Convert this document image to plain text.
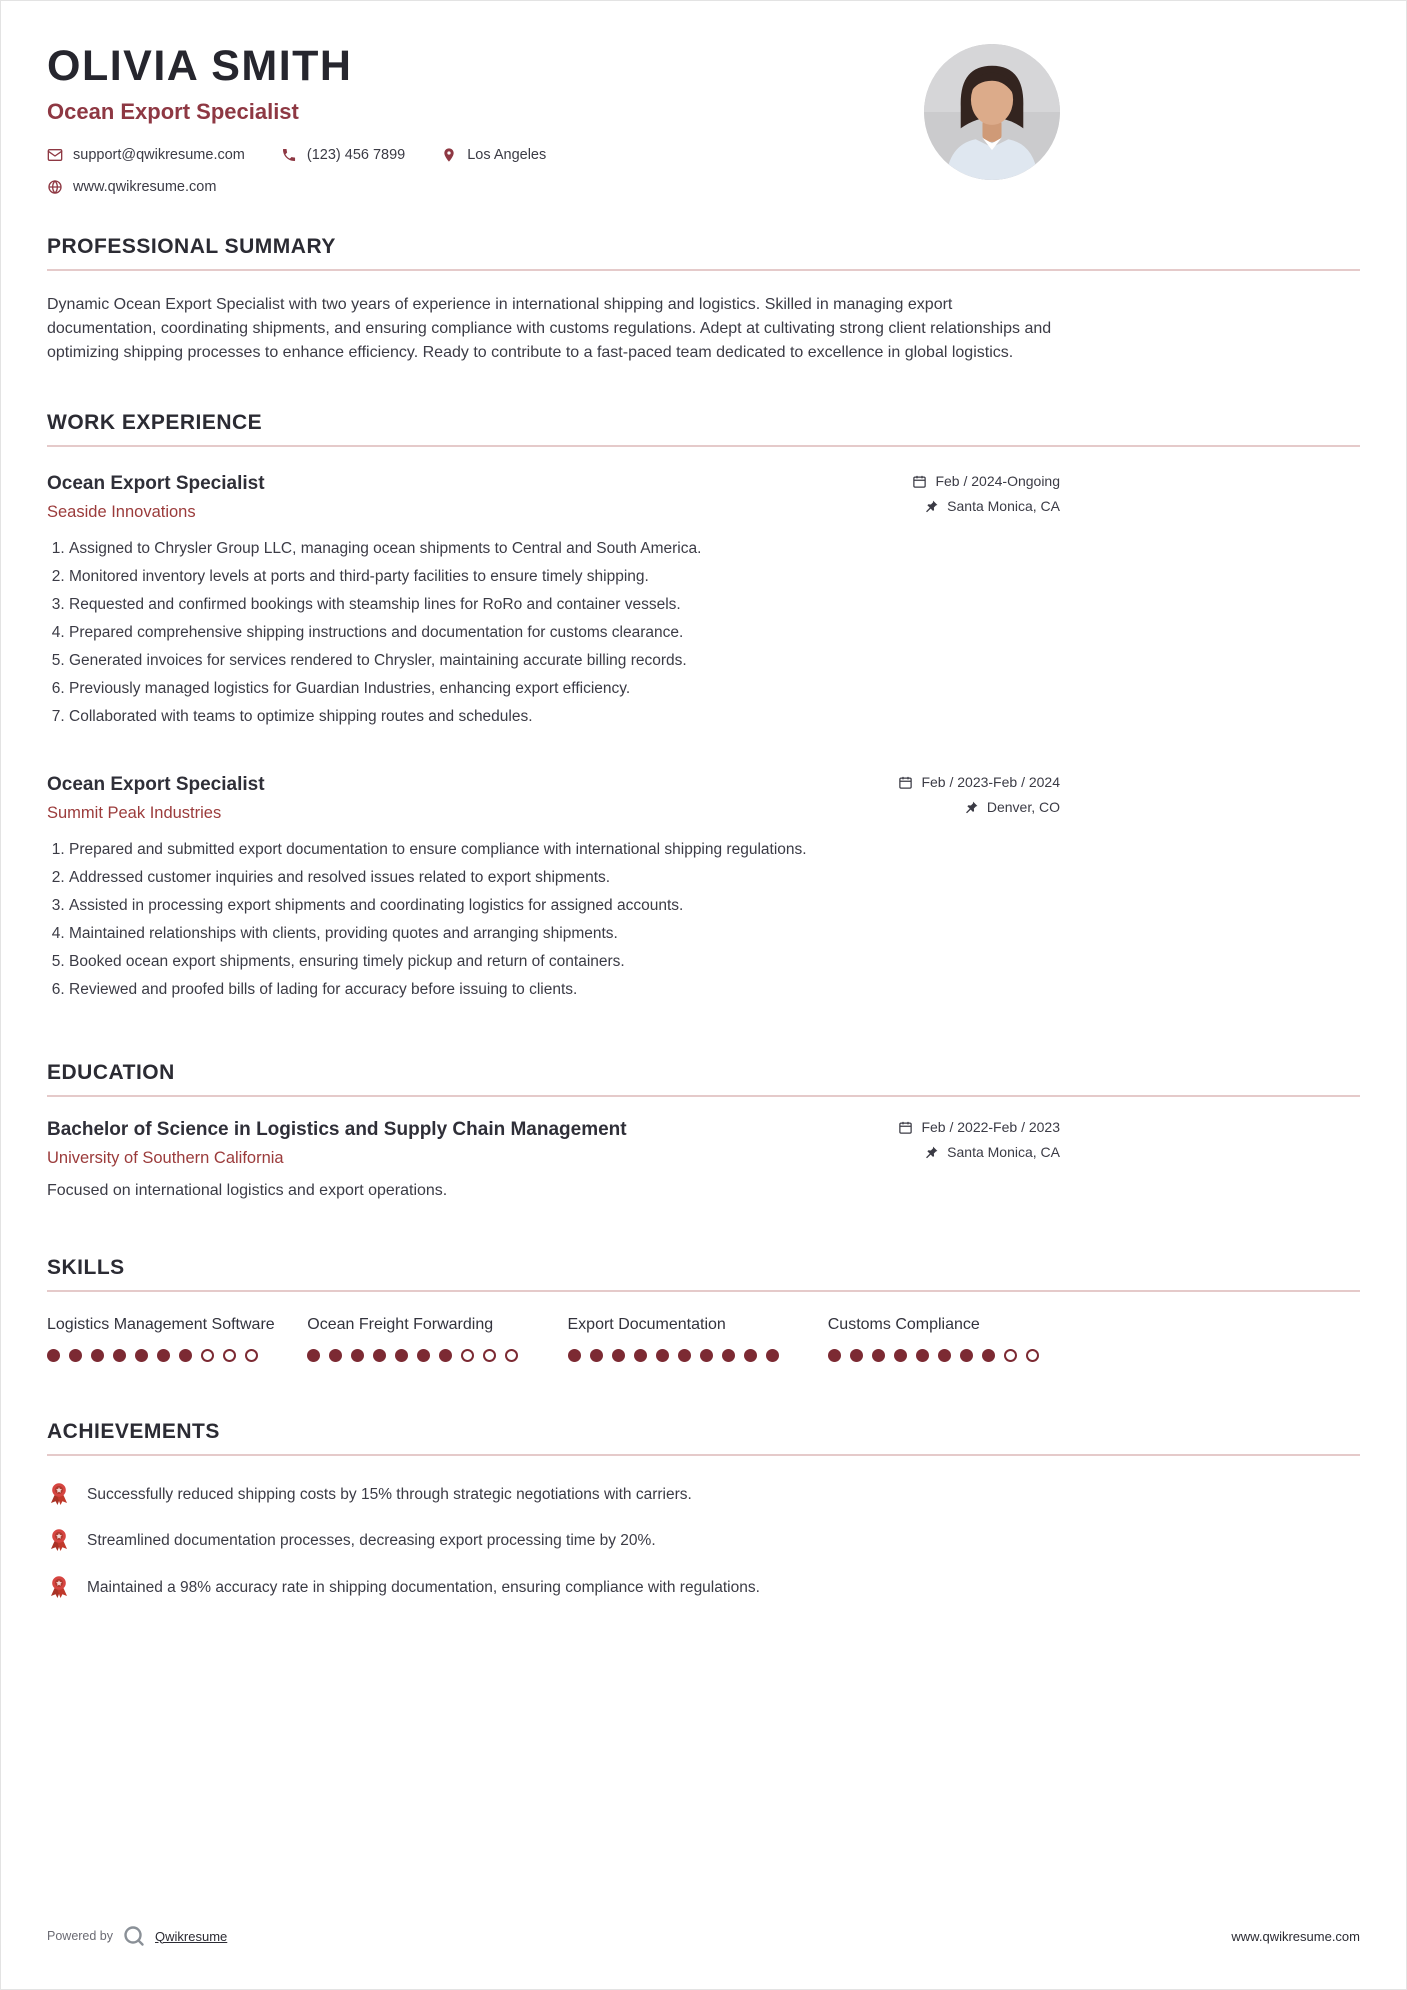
OLIVIA SMITH
Ocean Export Specialist
support@qwikresume.com	(123) 456 7899	Los Angeles
www.qwikresume.com
PROFESSIONAL SUMMARY

Dynamic Ocean Export Specialist with two years of experience in international shipping and logistics. Skilled in managing export documentation, coordinating shipments, and ensuring compliance with customs regulations. Adept at cultivating strong client relationships and optimizing shipping processes to enhance efficiency. Ready to contribute to a fast-paced team dedicated to excellence in global logistics.

WORK EXPERIENCE
Ocean Export Specialist
Seaside Innovations
Feb / 2024-Ongoing
Santa Monica, CA
1. Assigned to Chrysler Group LLC, managing ocean shipments to Central and South America.
2. Monitored inventory levels at ports and third-party facilities to ensure timely shipping.
3. Requested and confirmed bookings with steamship lines for RoRo and container vessels.
4. Prepared comprehensive shipping instructions and documentation for customs clearance.
5. Generated invoices for services rendered to Chrysler, maintaining accurate billing records.
6. Previously managed logistics for Guardian Industries, enhancing export efficiency.
7. Collaborated with teams to optimize shipping routes and schedules.
Ocean Export Specialist
Summit Peak Industries
Feb / 2023-Feb / 2024
Denver, CO
1. Prepared and submitted export documentation to ensure compliance with international shipping regulations.
2. Addressed customer inquiries and resolved issues related to export shipments.
3. Assisted in processing export shipments and coordinating logistics for assigned accounts.
4. Maintained relationships with clients, providing quotes and arranging shipments.
5. Booked ocean export shipments, ensuring timely pickup and return of containers.
6. Reviewed and proofed bills of lading for accuracy before issuing to clients.
EDUCATION
Bachelor of Science in Logistics and Supply Chain Management
University of Southern California
Feb / 2022-Feb / 2023
Santa Monica, CA

Focused on international logistics and export operations.

SKILLS
Logistics Management Software Ocean Freight Forwarding	Export Documentation	Customs Compliance
ACHIEVEMENTS
Successfully reduced shipping costs by 15% through strategic negotiations with carriers.
Streamlined documentation processes, decreasing export processing time by 20%.
Maintained a 98% accuracy rate in shipping documentation, ensuring compliance with regulations.
Powered by	Qwikresume	www.qwikresume.com
